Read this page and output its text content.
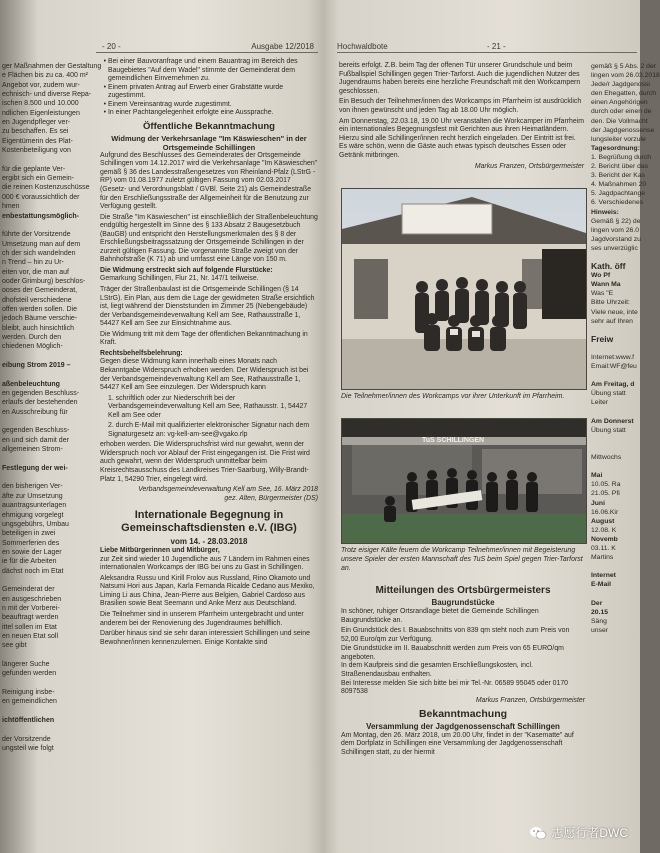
- 20 -	Ausgabe 12/2018
ger Maßnahmen der Gestaltung
e Flächen bis zu ca. 400 m²
Angebot vor, zudem wur-
echnisch- und diverse Repa-
ischen 8.500 und 10.000
ndlichen Eigenleistungen
en Jugendpfleger ver-
zu beschaffen. Es sei
Eigentümerin des Plat-
Kostenbeteiligung von

für die geplante Ver-
ergibt sich ein Gemein-
die reinen Kostenzuschüsse
000 € voraussichtlich der
hmen
enbestattungsmöglich-

führte der Vorsitzende
Umsetzung man auf dem
ch der sich wandelnden
n Trend – hin zu Ur-
eiten vor, die man auf
ooder Grimburg) beschlos-
ooses der Gemeinderat,
dhofsteil verschiedene
offen werden sollen. Die
jedoch Bäume verschie-
bleibt, auch hinsichtlich
werden. Durch den
chiedenen Möglich-

eibung Strom 2019 –

aßenbeleuchtung
en gegenden Beschluss-
erlaufs der bestehenden
en Ausschreibung für

gegenden Beschluss-
en und sich damit der
allgemeinen Strom-

Festlegung der wei-

den bisherigen Ver-
äfte zur Umsetzung
auantragsunterlagen
ehmigung vorgelegt
ungsgebührs, Umbau
beteiligen in zwei
Sommerferien des
en sowie der Lager
ie für die Arbeiten
dächst noch im Etat

Gemeinderat der
en ausgeschrieben
n mit der Vorberei-
beauftragt werden
ittel sollen im Etat
en neuen Etat soll
see gibt

längerer Suche
gefunden werden

Reinigung insbe-
en gemeindlichen

ichtöffentlichen

der Vorsitzende
ungsteil wie folgt
• Bei einer Bauvoranfrage und einem Bauantrag im Bereich des Baugebietes "Auf dem Wadel" stimmte der Gemeinderat dem gemeindlichen Einvernehmen zu.
• Einem privaten Antrag auf Erwerb einer Grabstätte wurde zugestimmt.
• Einem Vereinsantrag wurde zugestimmt.
• In einer Pachtangelegenheit erfolgte eine Aussprache.
Öffentliche Bekanntmachung
Widmung der Verkehrsanlage "Im Käswieschen" in der Ortsgemeinde Schillingen

Aufgrund des Beschlusses des Gemeinderates der Ortsgemeinde Schillingen vom 14.12.2017 wird die Verkehrsanlage "Im Käswieschen" gemäß § 36 des Landesstraßengesetzes von Rheinland-Pfalz (LStrG -RP) vom 01.08.1977 zuletzt gültigen Fassung vom 02.03.2017 (Gesetz- und Verordnungsblatt / GVBl. Seite 21) als Gemeindestraße für den Erschließungsstraße der Allgemeinheit für die Benutzung zur Verfügung gestellt.

Die Straße "Im Käswieschen" ist einschließlich der Straßenbeleuchtung endgültig hergestellt im Sinne des § 133 Absatz 2 Baugesetzbuch (BauGB) und entspricht den Herstellungsmerkmalen des § 8 der Erschließungsbeitragssatzung der Ortsgemeinde Schillingen in der zurzeit gültigen Fassung. Die vorgenannte Straße zweigt von der Bahnhofstraße (K 71) ab und umfasst eine Länge von 150 m.

Die Widmung erstreckt sich auf folgende Flurstücke:

Gemarkung Schillingen, Flur 21, Nr. 147/1 teilweise.

Träger der Straßenbaulast ist die Ortsgemeinde Schillingen (§ 14 LStrG). Ein Plan, aus dem die Lage der gewidmeten Straße ersichtlich ist, liegt während der Dienststunden im Zimmer 25 (Nebengebäude) der Verbandsgemeindeverwaltung Kell am See, Rathausstraße 1, 54427 Kell am See zur Einsichtnahme aus.

Die Widmung tritt mit dem Tage der öffentlichen Bekanntmachung in Kraft.

Rechtsbehelfsbelehrung:

Gegen diese Widmung kann innerhalb eines Monats nach Bekanntgabe Widerspruch erhoben werden. Der Widerspruch ist bei der Verbandsgemeindeverwaltung Kell am See, Rathausstraße 1, 54427 Kell am See einzulegen. Der Widerspruch kann

1. schriftlich oder zur Niederschrift bei der Verbandsgemeindeverwaltung Kell am See, Rathausstr. 1, 54427 Kell am See oder

2. durch E-Mail mit qualifizierter elektronischer Signatur nach dem Signaturgesetz an: vg-kell-am-see@vgako.rlp

erhoben werden. Die Widerspruchsfrist wird nur gewahrt, wenn der Widerspruch noch vor Ablauf der Frist eingegangen ist. Die Frist wird auch gewahrt, wenn der Widerspruch unmittelbar beim Kreisrechtsausschuss des Landkreises Trier-Saarburg, Willy-Brandt-Platz 1, 54290 Trier, eingelegt wird.

Verbandsgemeindeverwaltung Kell am See, 16. März 2018

gez. Alten, Bürgermeister (DS)

Internationale Begegnung in Gemeinschaftsdiensten e.V. (IBG)
vom 14. - 28.03.2018

Liebe Mitbürgerinnen und Mitbürger,

zur Zeit sind wieder 10 Jugendliche aus 7 Ländern im Rahmen eines internationalen Workcamps der IBG bei uns zu Gast in Schillingen.

Aleksandra Russu und Kirill Frolov aus Russland, Rino Okamoto und Natsumi Hori aus Japan, Karla Fernanda Ricalde Cedano aus Mexiko, Liming Li aus China, Jean-Pierre aus Belgien, Gabriel Cardoso aus Brasilien sowie Beat Seemann und Anke Merz aus Deutschland.

Die Teilnehmer sind in unserem Pfarrheim untergebracht und unter anderem bei der Renovierung des Jugendraumes behilflich.

Darüber hinaus sind sie sehr daran interessiert Schillingen und seine Bewohner/innen kennenzulernen. Einige Kontakte sind

Hochwaldbote	- 21 -

bereits erfolgt. Z.B. beim Tag der offenen Tür unserer Grundschule und beim Fußballspiel Schillingen gegen Trier-Tarforst. Auch die jugendlichen Nutzer des Jugendraums haben bereits eine herzliche Freundschaft mit den Workcampern geschlossen.

Ein Besuch der Teilnehmer/innen des Workcamps im Pfarrheim ist ausdrücklich von ihnen gewünscht und jeden Tag ab 18.00 Uhr möglich.

Am Donnerstag, 22.03.18, 19.00 Uhr veranstalten die Workcamper im Pfarrheim ein internationales Begegnungsfest mit Gerichten aus ihren Heimatländern. Hierzu sind alle Schillinger/innen recht herzlich eingeladen. Der Eintritt ist frei. Es wäre schön, wenn die Gäste auch etwas typisch deutsches Essen oder Getränk mitbringen.

Markus Franzen, Ortsbürgermeister

Die Teilnehmer/innen des Workcamps vor ihrer Unterkunft im Pfarrheim.
TuS SCHILLINGEN
Trotz eisiger Kälte feuern die Workcamp Teilnehmer/innen mit Begeisterung unsere Spieler der ersten Mannschaft des TuS beim Spiel gegen Trier-Tarforst an.
Mitteilungen des Ortsbürgermeisters
Baugrundstücke

In schöner, ruhiger Ortsrandlage bietet die Gemeinde Schillingen Baugrundstücke an.

Ein Grundstück des I. Bauabschnitts von 839 qm steht noch zum Preis von 52,00 Euro/qm zur Verfügung.

Die Grundstücke im II. Bauabschnitt werden zum Preis von 65 EURO/qm angeboten.

In dem Kaufpreis sind die gesamten Erschließungskosten, incl. Straßenendausbau enthalten.

Bei Interesse melden Sie sich bitte bei mir Tel.-Nr. 06589 95045 oder 0170 8097538

Markus Franzen, Ortsbürgermeister

Bekanntmachung
Versammlung der Jagdgenossenschaft Schillingen

Am Montag, den 26. März 2018, um 20.00 Uhr, findet in der "Kasematte" auf dem Dorfplatz in Schillingen eine Versammlung der Jagdgenossenschaft Schillingen statt, zu der hiermit

gemäß § 5 Abs. 2 der
lingen vom 26.03.2018
Jede/r Jagdgenossi
den Ehegatten, durch
einen Angehörigen
durch oder einen de
den. Die Vollmacht
der Jagdgenossense
lungsleiter vorzule
Tagesordnung:
1. Begrüßung durch
2. Bericht über das
3. Bericht der Kas
4. Maßnahmen 20
5. Jagdpachtange
6. Verschiedenes
Hinweis:
Gemäß § 22) de
lingen vom 26.0
Jagdvorstand zu
ses unverzüglic

Kath. öff
Wo Pf
Wann Ma
Was "E
Bitte Uhrzeit:
Viele neue, inte
sehr auf Ihren

Freiw

Internet:www.f
Email:WF@feu

Am Freitag, d
Übung statt
Leiter

Am Donnerst
Übung statt

Mittwochs

Mai
10.05. Ra
21.05. Pfi
Juni
16.06.Kir
August
12.08. K
Novemb
03.11. K
Martins

Internet
E-Mail

Der
20.15
Säng
unser
志愿行者DWC
